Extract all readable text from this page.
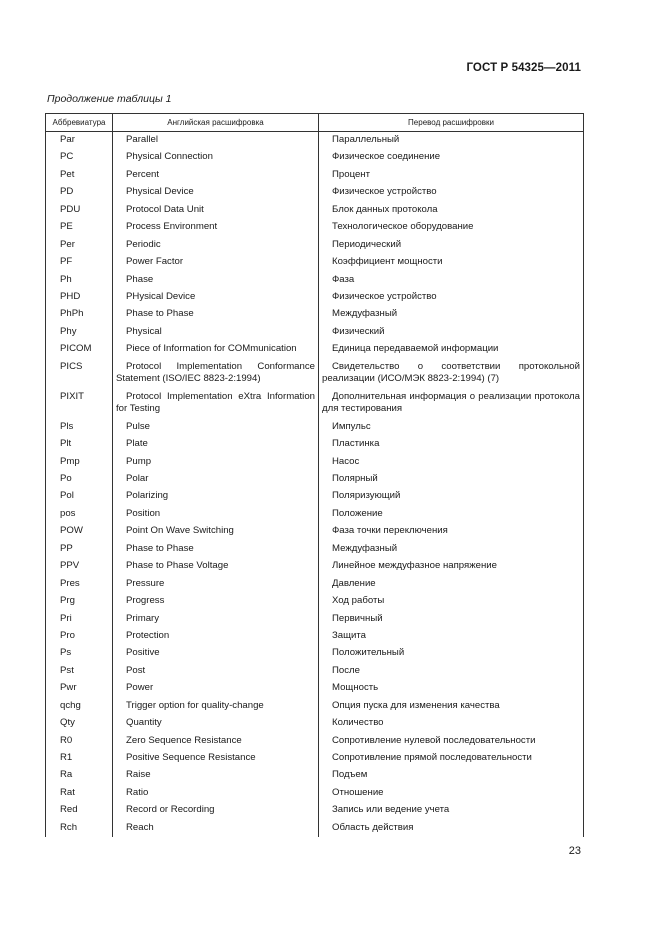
ГОСТ Р 54325—2011
Продолжение таблицы 1
Аббревиатура	Английская расшифровка	Перевод расшифровки
Par	Parallel	Параллельный
PC	Physical Connection	Физическое соединение
Pet	Percent	Процент
PD	Physical Device	Физическое устройство
PDU	Protocol Data Unit	Блок данных протокола
PE	Process Environment	Технологическое оборудование
Per	Periodic	Периодический
PF	Power Factor	Коэффициент мощности
Ph	Phase	Фаза
PHD	PHysical Device	Физическое устройство
PhPh	Phase to Phase	Междуфазный
Phy	Physical	Физический
PICOM	Piece of Information for COMmunication	Единица передаваемой информации
PICS	Protocol Implementation Conformance Statement (ISO/IEC 8823-2:1994)	Свидетельство о соответствии протокольной реализации (ИСО/МЭК 8823-2:1994) (7)
PIXIT	Protocol Implementation eXtra Information for Testing	Дополнительная информация о реализации протокола для тестирования
Pls	Pulse	Импульс
Plt	Plate	Пластинка
Pmp	Pump	Насос
Po	Polar	Полярный
Pol	Polarizing	Поляризующий
pos	Position	Положение
POW	Point On Wave Switching	Фаза точки переключения
PP	Phase to Phase	Междуфазный
PPV	Phase to Phase Voltage	Линейное междуфазное напряжение
Pres	Pressure	Давление
Prg	Progress	Ход работы
Pri	Primary	Первичный
Pro	Protection	Защита
Ps	Positive	Положительный
Pst	Post	После
Pwr	Power	Мощность
qchg	Trigger option for quality-change	Опция пуска для изменения качества
Qty	Quantity	Количество
R0	Zero Sequence Resistance	Сопротивление нулевой последовательности
R1	Positive Sequence Resistance	Сопротивление прямой последовательности
Ra	Raise	Подъем
Rat	Ratio	Отношение
Red	Record or Recording	Запись или ведение учета
Rch	Reach	Область действия
23
